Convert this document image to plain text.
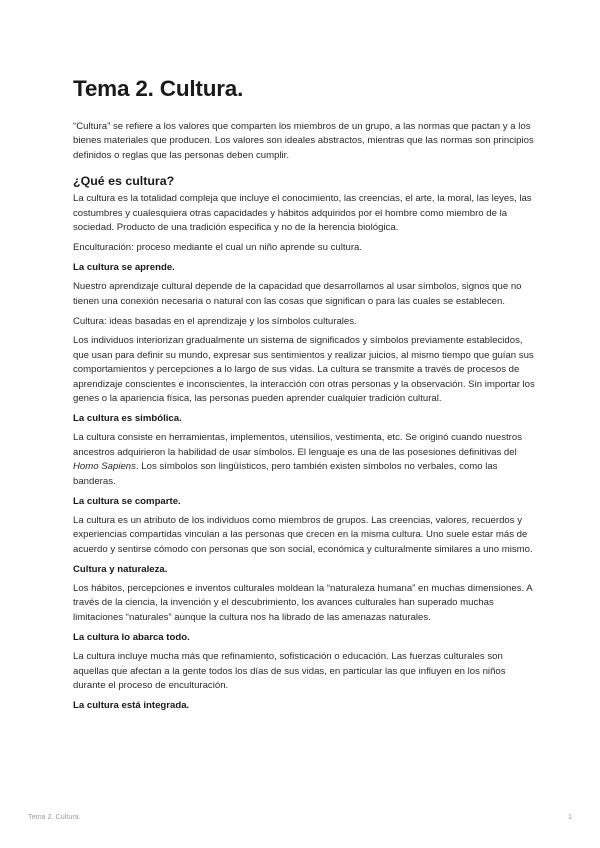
Tema 2. Cultura.
“Cultura” se refiere a los valores que comparten los miembros de un grupo, a las normas que pactan y a los bienes materiales que producen. Los valores son ideales abstractos, mientras que las normas son principios definidos o reglas que las personas deben cumplir.
¿Qué es cultura?
La cultura es la totalidad compleja que incluye el conocimiento, las creencias, el arte, la moral, las leyes, las costumbres y cualesquiera otras capacidades y hábitos adquiridos por el hombre como miembro de la sociedad. Producto de una tradición especifica y no de la herencia biológica.
Enculturación: proceso mediante el cual un niño aprende su cultura.
La cultura se aprende.
Nuestro aprendizaje cultural depende de la capacidad que desarrollamos al usar símbolos, signos que no tienen una conexión necesaria o natural con las cosas que significan o para las cuales se establecen.
Cultura: ideas basadas en el aprendizaje y los símbolos culturales.
Los individuos interiorizan gradualmente un sistema de significados y símbolos previamente establecidos, que usan para definir su mundo, expresar sus sentimientos y realizar juicios, al mismo tiempo que guían sus comportamientos y percepciones a lo largo de sus vidas. La cultura se transmite a través de procesos de aprendizaje conscientes e inconscientes, la interacción con otras personas y la observación. Sin importar los genes o la apariencia física, las personas pueden aprender cualquier tradición cultural.
La cultura es simbólica.
La cultura consiste en herramientas, implementos, utensilios, vestimenta, etc. Se originó cuando nuestros ancestros adquirieron la habilidad de usar símbolos. El lenguaje es una de las posesiones definitivas del Homo Sapiens. Los símbolos son lingüísticos, pero también existen símbolos no verbales, como las banderas.
La cultura se comparte.
La cultura es un atributo de los individuos como miembros de grupos. Las creencias, valores, recuerdos y experiencias compartidas vinculan a las personas que crecen en la misma cultura. Uno suele estar más de acuerdo y sentirse cómodo con personas que son social, económica y culturalmente similares a uno mismo.
Cultura y naturaleza.
Los hábitos, percepciones e inventos culturales moldean la “naturaleza humana” en muchas dimensiones. A través de la ciencia, la invención y el descubrimiento, los avances culturales han superado muchas limitaciones “naturales” aunque la cultura nos ha librado de las amenazas naturales.
La cultura lo abarca todo.
La cultura incluye mucha más que refinamiento, sofisticación o educación. Las fuerzas culturales son aquellas que afectan a la gente todos los días de sus vidas, en particular las que influyen en los niños durante el proceso de enculturación.
La cultura está integrada.
Tema 2. Cultura.	1
